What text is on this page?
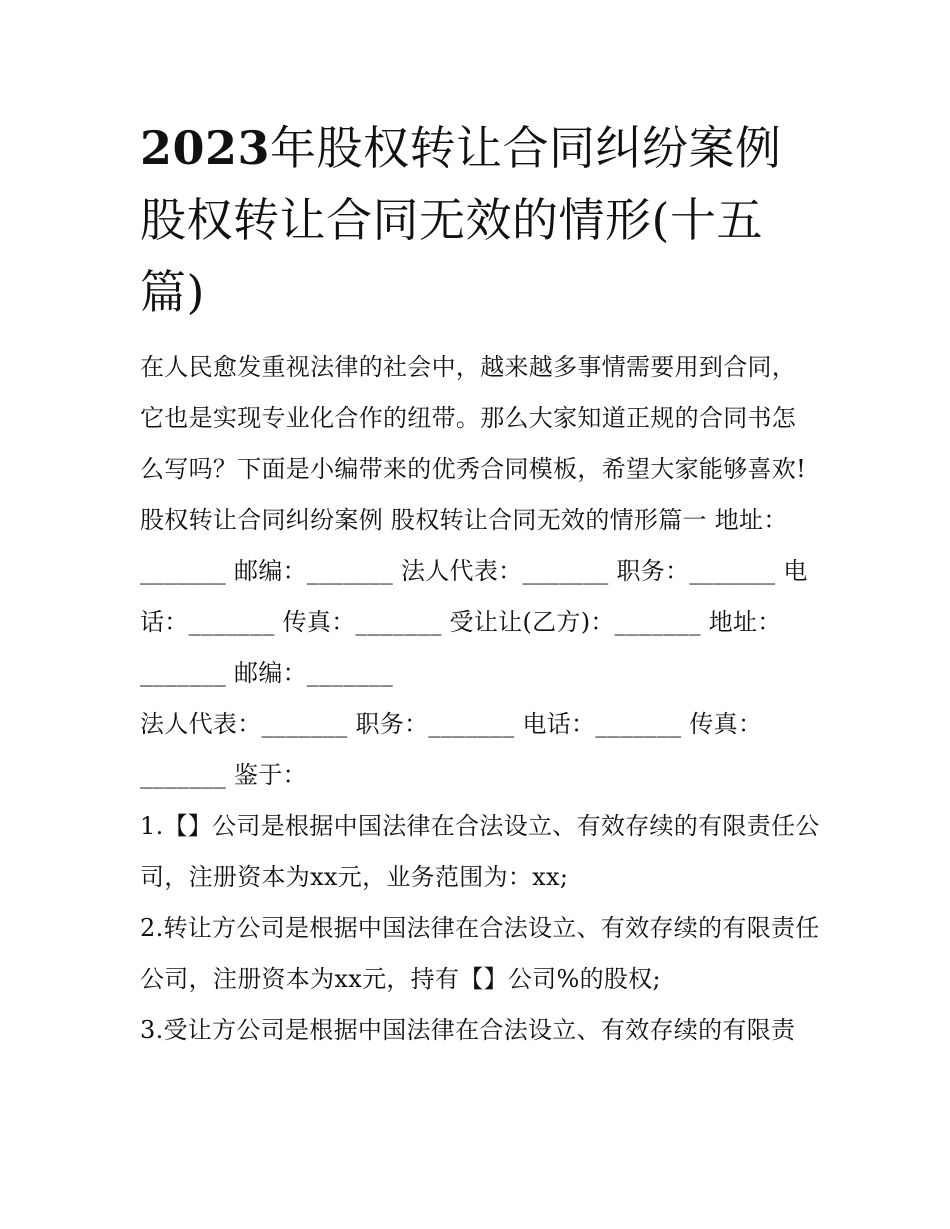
2023年股权转让合同纠纷案例股权转让合同无效的情形(十五篇)

在人民愈发重视法律的社会中，越来越多事情需要用到合同，它也是实现专业化合作的纽带。那么大家知道正规的合同书怎么写吗？下面是小编带来的优秀合同模板，希望大家能够喜欢!

股权转让合同纠纷案例 股权转让合同无效的情形篇一 地址：_______ 邮编：_______ 法人代表：_______ 职务：_______ 电话：_______ 传真：_______ 受让让(乙方)：_______ 地址：_______ 邮编：_______

法人代表：_______ 职务：_______ 电话：_______ 传真：_______ 鉴于：

1.【】公司是根据中国法律在合法设立、有效存续的有限责任公司，注册资本为xx元，业务范围为：xx;

2.转让方公司是根据中国法律在合法设立、有效存续的有限责任公司，注册资本为xx元，持有【】公司%的股权;

3.受让方公司是根据中国法律在合法设立、有效存续的有限责
